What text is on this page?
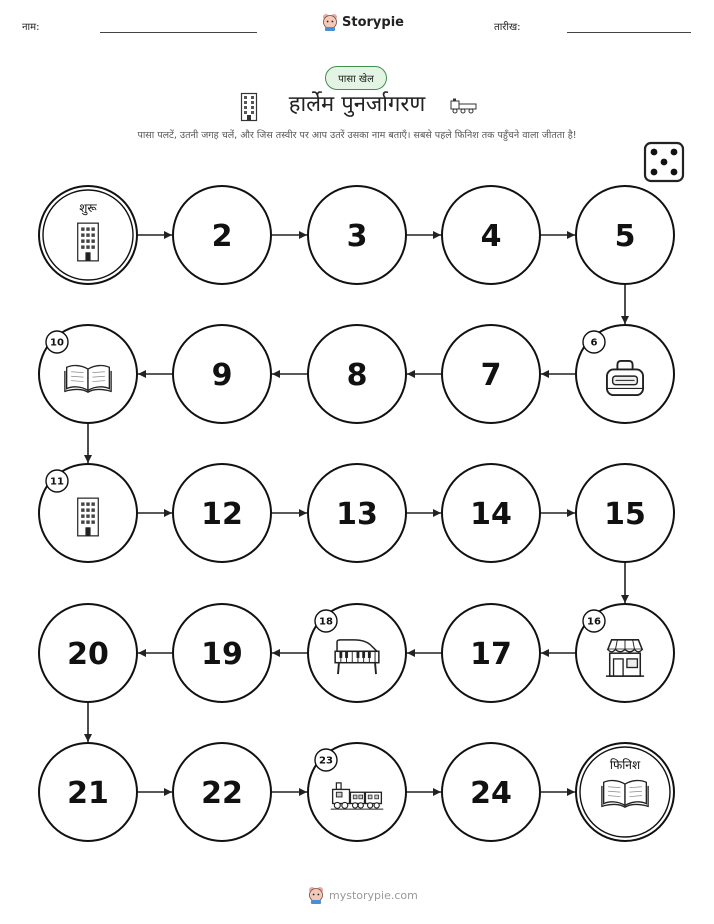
नाम:	Storypie	तारीख:
पासा खेल
हार्लेम पुनर्जागरण
पासा पलटें, उतनी जगह चलें, और जिस तस्वीर पर आप उतरें उसका नाम बताएँ। सबसे पहले फिनिश तक पहुँचने वाला जीतता है!
शुरू
2	3	4	5
6
7
8
9
10
11
12	13	14	15
16
17
18
19
20
21	22
23
24
फिनिश
mystorypie.com
